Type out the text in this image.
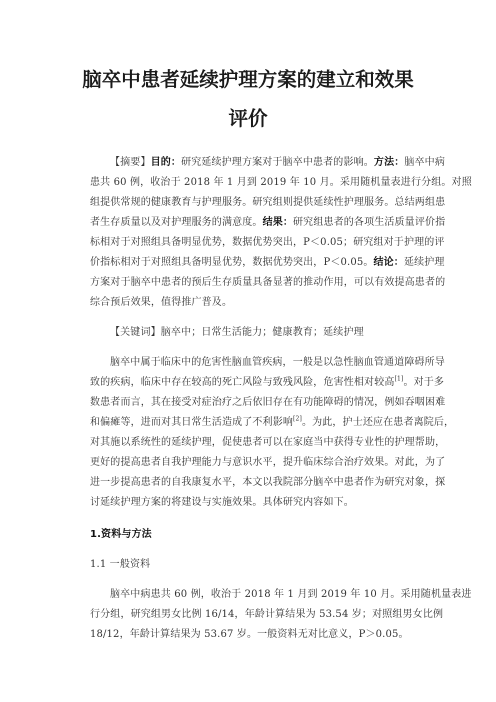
脑卒中患者延续护理方案的建立和效果
评价
【摘要】目的：研究延续护理方案对于脑卒中患者的影响。方法：脑卒中病
患共 60 例，收治于 2018 年 1 月到 2019 年 10 月。采用随机量表进行分组。对照
组提供常规的健康教育与护理服务。研究组则提供延续性护理服务。总结两组患
者生存质量以及对护理服务的满意度。结果：研究组患者的各项生活质量评价指
标相对于对照组具备明显优势，数据优势突出，P＜0.05；研究组对于护理的评
价指标相对于对照组具备明显优势，数据优势突出，P＜0.05。结论：延续护理
方案对于脑卒中患者的预后生存质量具备显著的推动作用，可以有效提高患者的
综合预后效果，值得推广普及。
【关键词】脑卒中；日常生活能力；健康教育；延续护理
脑卒中属于临床中的危害性脑血管疾病，一般是以急性脑血管通道障碍所导
致的疾病，临床中存在较高的死亡风险与致残风险，危害性相对较高[1]。对于多
数患者而言，其在接受对症治疗之后依旧存在有功能障碍的情况，例如吞咽困难
和偏瘫等，进而对其日常生活造成了不利影响[2]。为此，护士还应在患者离院后，
对其施以系统性的延续护理，促使患者可以在家庭当中获得专业性的护理帮助，
更好的提高患者自我护理能力与意识水平，提升临床综合治疗效果。对此，为了
进一步提高患者的自我康复水平，本文以我院部分脑卒中患者作为研究对象，探
讨延续护理方案的将建设与实施效果。具体研究内容如下。
1.资料与方法
1.1 一般资料
脑卒中病患共 60 例，收治于 2018 年 1 月到 2019 年 10 月。采用随机量表进
行分组，研究组男女比例 16/14，年龄计算结果为 53.54 岁；对照组男女比例
18/12，年龄计算结果为 53.67 岁。一般资料无对比意义，P＞0.05。
